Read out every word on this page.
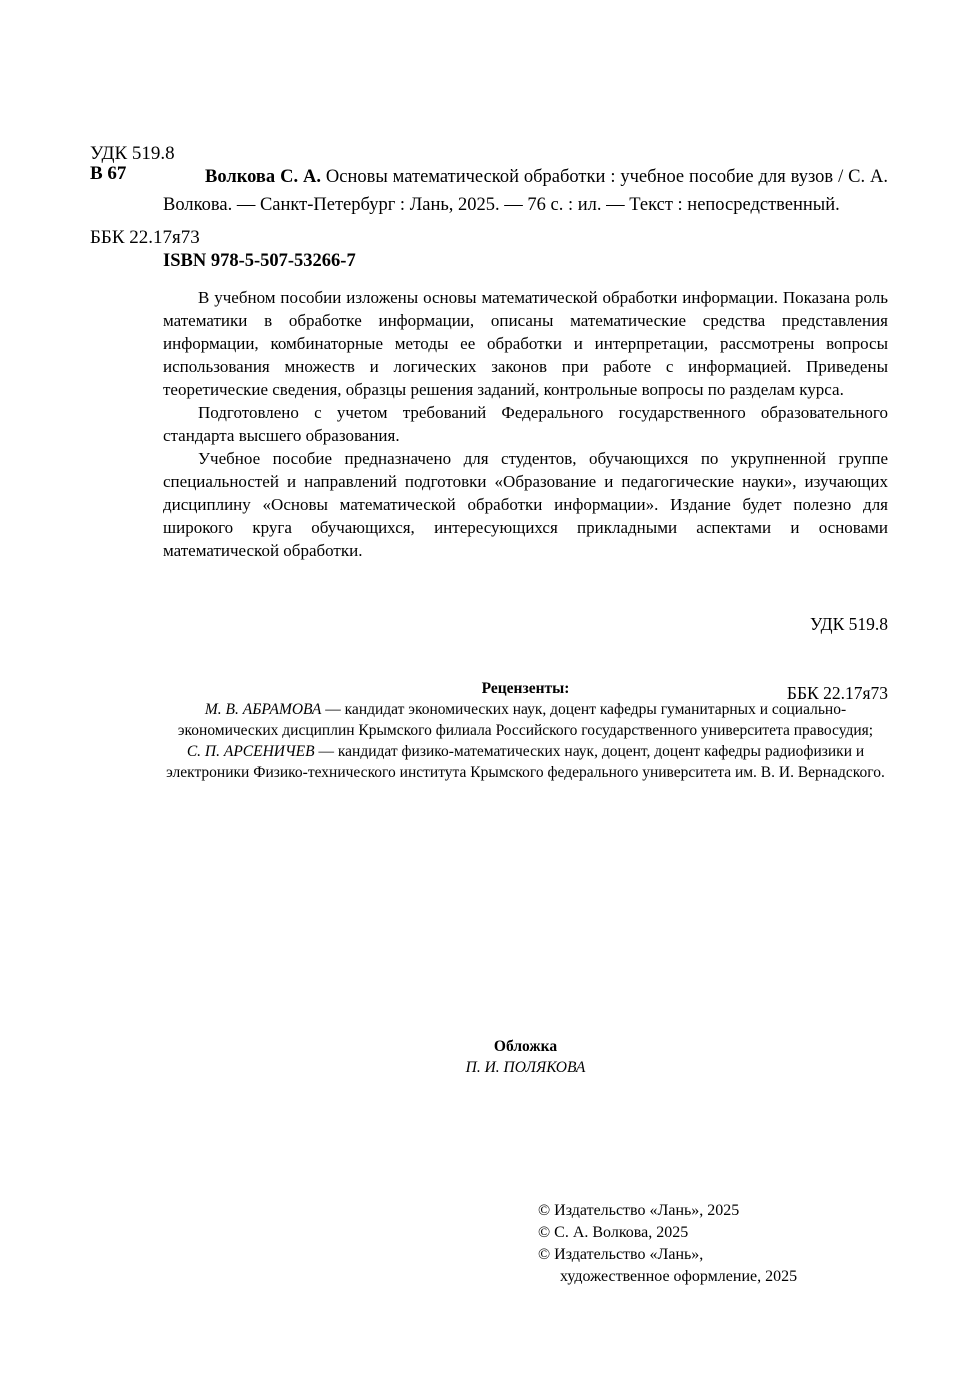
УДК 519.8

ББК 22.17я73

В 67	Волкова С. А. Основы математической обработки : учебное пособие для вузов / С. А. Волкова. — Санкт-Петербург : Лань, 2025. — 76 с. : ил. — Текст : непосредственный.
ISBN 978-5-507-53266-7

В учебном пособии изложены основы математической обработки информации. Показана роль математики в обработке информации, описаны математические средства представления информации, комбинаторные методы ее обработки и интерпретации, рассмотрены вопросы использования множеств и логических законов при работе с информацией. Приведены теоретические сведения, образцы решения заданий, контрольные вопросы по разделам курса.

Подготовлено с учетом требований Федерального государственного образовательного стандарта высшего образования.

Учебное пособие предназначено для студентов, обучающихся по укрупненной группе специальностей и направлений подготовки «Образование и педагогические науки», изучающих дисциплину «Основы математической обработки информации». Издание будет полезно для широкого круга обучающихся, интересующихся прикладными аспектами и основами математической обработки.

УДК 519.8

ББК 22.17я73

Рецензенты:
М. В. АБРАМОВА — кандидат экономических наук, доцент кафедры гуманитарных и социально-экономических дисциплин Крымского филиала Российского государственного университета правосудия;
С. П. АРСЕНИЧЕВ — кандидат физико-математических наук, доцент, доцент кафедры радиофизики и электроники Физико-технического института Крымского федерального университета им. В. И. Вернадского.
Обложка
П. И. ПОЛЯКОВА
© Издательство «Лань», 2025
© С. А. Волкова, 2025
© Издательство «Лань»,
художественное оформление, 2025
